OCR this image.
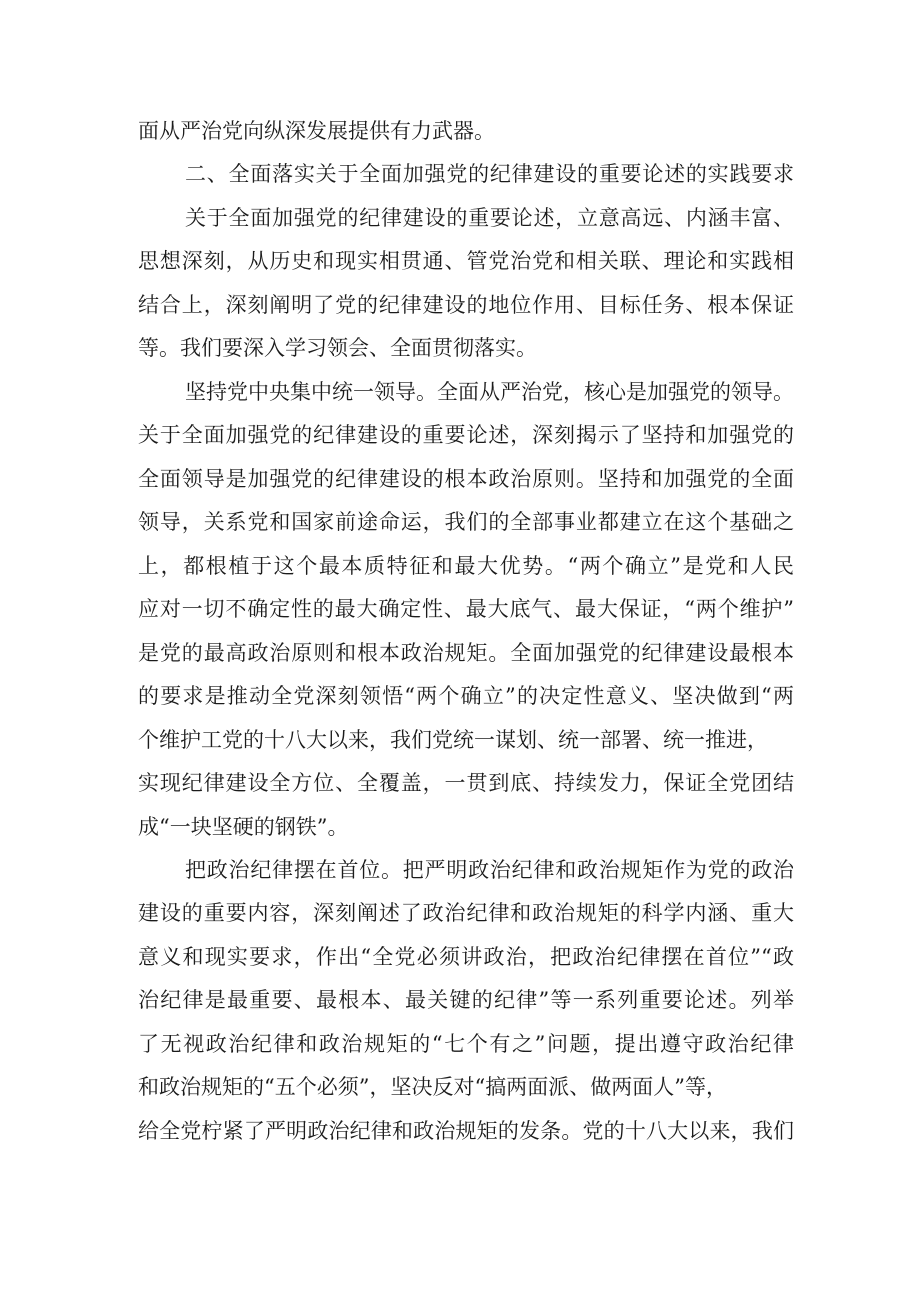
面从严治党向纵深发展提供有力武器。
二、全面落实关于全面加强党的纪律建设的重要论述的实践要求
关于全面加强党的纪律建设的重要论述，立意高远、内涵丰富、
思想深刻，从历史和现实相贯通、管党治党和相关联、理论和实践相
结合上，深刻阐明了党的纪律建设的地位作用、目标任务、根本保证
等。我们要深入学习领会、全面贯彻落实。
坚持党中央集中统一领导。全面从严治党，核心是加强党的领导。
关于全面加强党的纪律建设的重要论述，深刻揭示了坚持和加强党的
全面领导是加强党的纪律建设的根本政治原则。坚持和加强党的全面
领导，关系党和国家前途命运，我们的全部事业都建立在这个基础之
上，都根植于这个最本质特征和最大优势。“两个确立”是党和人民
应对一切不确定性的最大确定性、最大底气、最大保证，“两个维护”
是党的最高政治原则和根本政治规矩。全面加强党的纪律建设最根本
的要求是推动全党深刻领悟“两个确立”的决定性意义、坚决做到“两
个维护工党的十八大以来，我们党统一谋划、统一部署、统一推进，
实现纪律建设全方位、全覆盖，一贯到底、持续发力，保证全党团结
成“一块坚硬的钢铁”。
把政治纪律摆在首位。把严明政治纪律和政治规矩作为党的政治
建设的重要内容，深刻阐述了政治纪律和政治规矩的科学内涵、重大
意义和现实要求，作出“全党必须讲政治，把政治纪律摆在首位”“政
治纪律是最重要、最根本、最关键的纪律”等一系列重要论述。列举
了无视政治纪律和政治规矩的“七个有之”问题，提出遵守政治纪律
和政治规矩的“五个必须”，坚决反对“搞两面派、做两面人”等，
给全党柠紧了严明政治纪律和政治规矩的发条。党的十八大以来，我们
